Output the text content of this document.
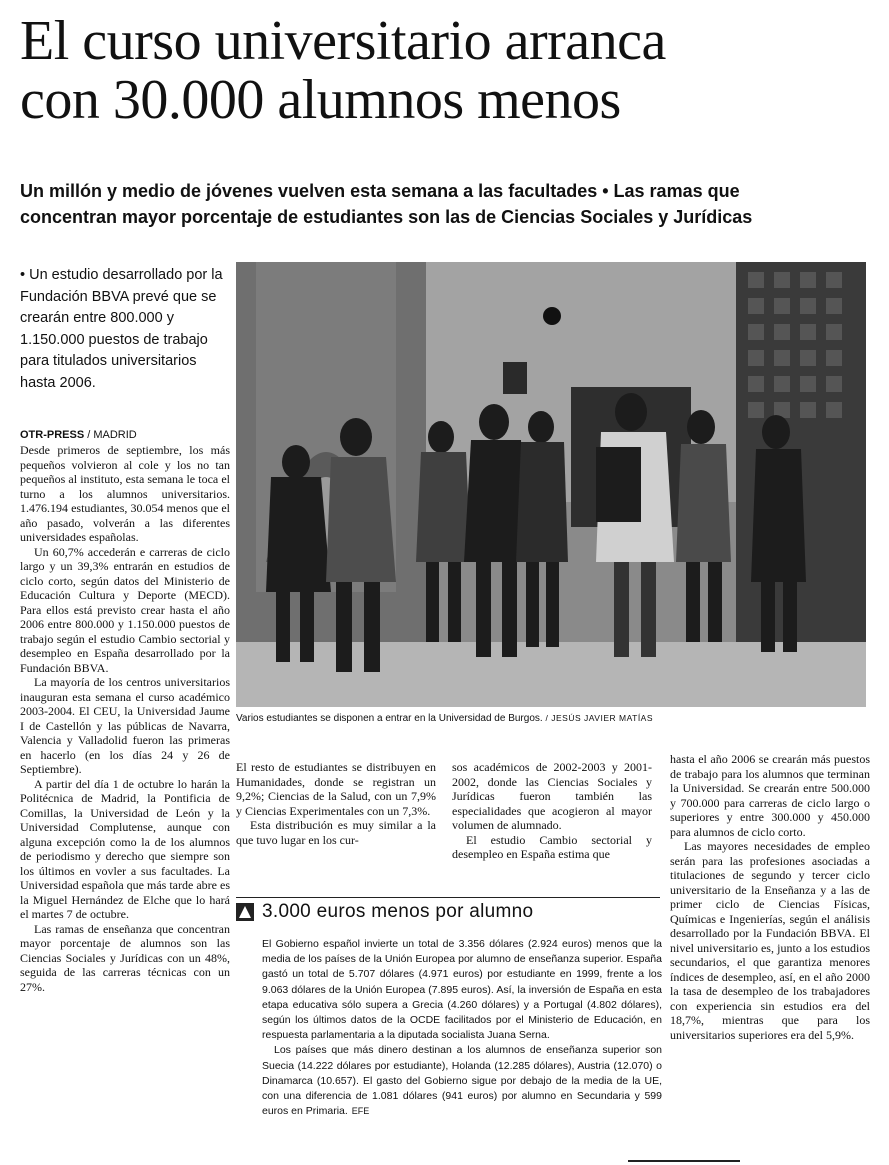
El curso universitario arranca
con 30.000 alumnos menos
Un millón y medio de jóvenes vuelven esta semana a las facultades • Las ramas que
concentran mayor porcentaje de estudiantes son las de Ciencias Sociales y Jurídicas
• Un estudio desarrollado por la Fundación BBVA prevé que se crearán entre 800.000 y 1.150.000 puestos de trabajo para titulados universitarios hasta 2006.
OTR-PRESS / MADRID

Desde primeros de septiembre, los más pequeños volvieron al cole y los no tan pequeños al instituto, esta semana le toca el turno a los alumnos universitarios. 1.476.194 estudiantes, 30.054 menos que el año pasado, volverán a las diferentes universidades españolas.

Un 60,7% accederán e carreras de ciclo largo y un 39,3% entrarán en estudios de ciclo corto, según datos del Ministerio de Educación Cultura y Deporte (MECD). Para ellos está previsto crear hasta el año 2006 entre 800.000 y 1.150.000 puestos de trabajo según el estudio Cambio sectorial y desempleo en España desarrollado por la Fundación BBVA.

La mayoría de los centros universitarios inauguran esta semana el curso académico 2003-2004. El CEU, la Universidad Jaume I de Castellón y las públicas de Navarra, Valencia y Valladolid fueron las primeras en hacerlo (en los días 24 y 26 de Septiembre).

A partir del día 1 de octubre lo harán la Politécnica de Madrid, la Pontificia de Comillas, la Universidad de León y la Universidad Complutense, aunque con alguna excepción como la de los alumnos de periodismo y derecho que siempre son los últimos en vovler a sus facultades. La Universidad española que más tarde abre es la Miguel Hernández de Elche que lo hará el martes 7 de octubre.

Las ramas de enseñanza que concentran mayor porcentaje de alumnos son las Ciencias Sociales y Jurídicas con un 48%, seguida de las carreras técnicas con un 27%.

Varios estudiantes se disponen a entrar en la Universidad de Burgos. / JESÚS JAVIER MATÍAS

El resto de estudiantes se distribuyen en Humanidades, donde se registran un 9,2%; Ciencias de la Salud, con un 7,9% y Ciencias Experimentales con un 7,3%.

Esta distribución es muy similar a la que tuvo lugar en los cur-

sos académicos de 2002-2003 y 2001-2002, donde las Ciencias Sociales y Jurídicas fueron también las especialidades que acogieron al mayor volumen de alumnado.

El estudio Cambio sectorial y desempleo en España estima que

hasta el año 2006 se crearán más puestos de trabajo para los alumnos que terminan la Universidad. Se crearán entre 500.000 y 700.000 para carreras de ciclo largo o superiores y entre 300.000 y 450.000 para alumnos de ciclo corto.

Las mayores necesidades de empleo serán para las profesiones asociadas a titulaciones de segundo y tercer ciclo universitario de la Enseñanza y a las de primer ciclo de Ciencias Físicas, Químicas e Ingenierías, según el análisis desarrollado por la Fundación BBVA. El nivel universitario es, junto a los estudios secundarios, el que garantiza menores índices de desempleo, así, en el año 2000 la tasa de desempleo de los trabajadores con experiencia sin estudios era del 18,7%, mientras que para los universitarios superiores era del 5,9%.

3.000 euros menos por alumno

El Gobierno español invierte un total de 3.356 dólares (2.924 euros) menos que la media de los países de la Unión Europea por alumno de enseñanza superior. España gastó un total de 5.707 dólares (4.971 euros) por estudiante en 1999, frente a los 9.063 dólares de la Unión Europea (7.895 euros). Así, la inversión de España en esta etapa educativa sólo supera a Grecia (4.260 dólares) y a Portugal (4.802 dólares), según los últimos datos de la OCDE facilitados por el Ministerio de Educación, en respuesta parlamentaria a la diputada socialista Juana Serna.

Los países que más dinero destinan a los alumnos de enseñanza superior son Suecia (14.222 dólares por estudiante), Holanda (12.285 dólares), Austria (12.070) o Dinamarca (10.657). El gasto del Gobierno sigue por debajo de la media de la UE, con una diferencia de 1.081 dólares (941 euros) por alumno en Secundaria y 599 euros en Primaria. EFE
